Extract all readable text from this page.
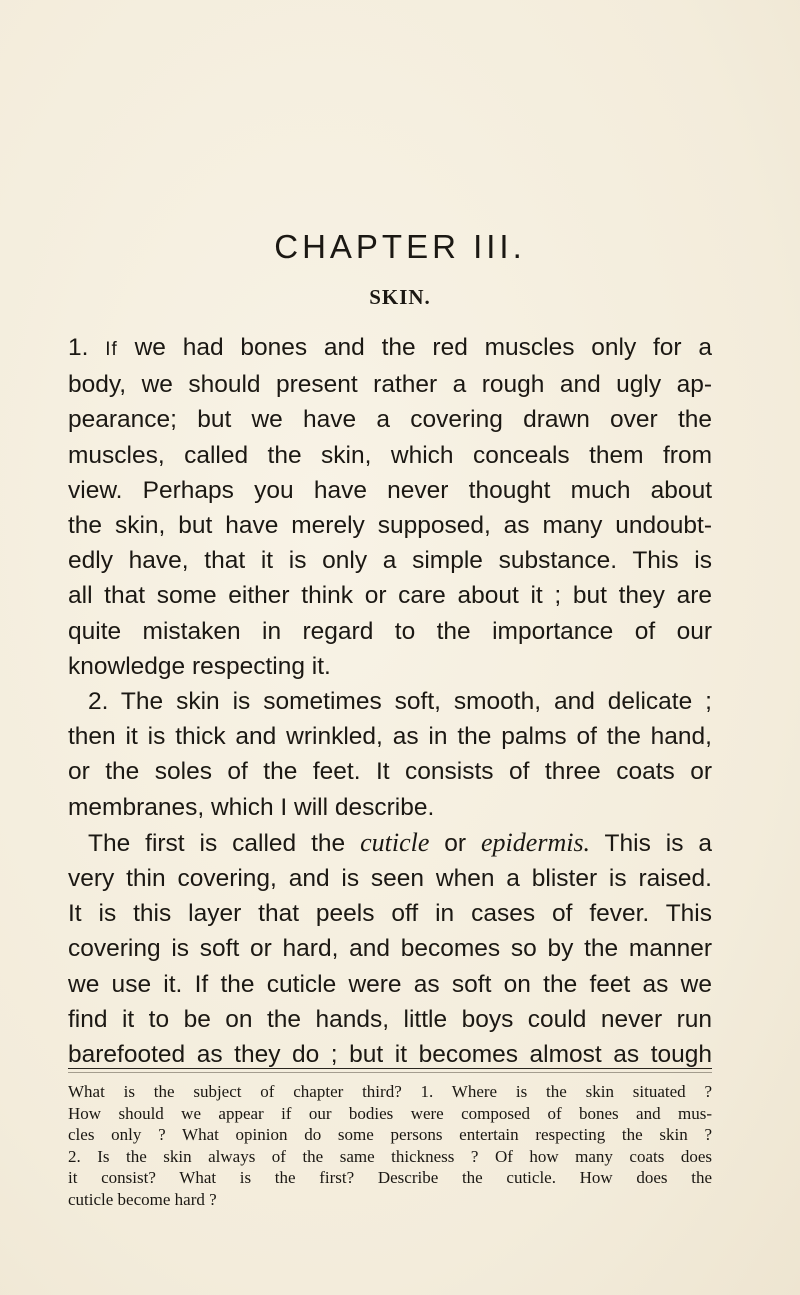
CHAPTER III.
SKIN.
1. If we had bones and the red muscles only for a
body, we should present rather a rough and ugly ap-
pearance; but we have a covering drawn over the
muscles, called the skin, which conceals them from
view. Perhaps you have never thought much about
the skin, but have merely supposed, as many undoubt-
edly have, that it is only a simple substance. This is
all that some either think or care about it ; but they are
quite mistaken in regard to the importance of our
knowledge respecting it.
2. The skin is sometimes soft, smooth, and delicate ;
then it is thick and wrinkled, as in the palms of the hand,
or the soles of the feet. It consists of three coats or
membranes, which I will describe.
The first is called the cuticle or epidermis. This is a
very thin covering, and is seen when a blister is raised.
It is this layer that peels off in cases of fever. This
covering is soft or hard, and becomes so by the manner
we use it. If the cuticle were as soft on the feet as we
find it to be on the hands, little boys could never run
barefooted as they do ; but it becomes almost as tough
What is the subject of chapter third? 1. Where is the skin situated ?
How should we appear if our bodies were composed of bones and mus-
cles only ? What opinion do some persons entertain respecting the skin ?
2. Is the skin always of the same thickness ? Of how many coats does
it consist? What is the first? Describe the cuticle. How does the
cuticle become hard ?
